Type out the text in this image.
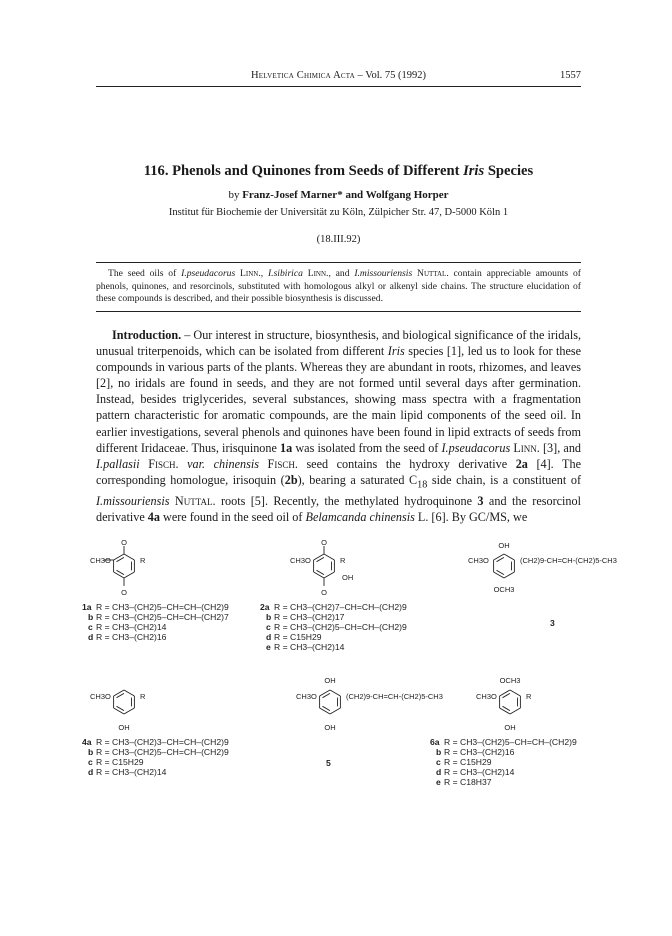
Helvetica Chimica Acta – Vol. 75 (1992)	1557
116. Phenols and Quinones from Seeds of Different Iris Species
by Franz-Josef Marner* and Wolfgang Horper
Institut für Biochemie der Universität zu Köln, Zülpicher Str. 47, D-5000 Köln 1
(18.III.92)

The seed oils of I.pseudacorus Linn., I.sibirica Linn., and I.missouriensis Nuttal. contain appreciable amounts of phenols, quinones, and resorcinols, substituted with homologous alkyl or alkenyl side chains. The structure elucidation of these compounds is described, and their possible biosynthesis is discussed.

Introduction. – Our interest in structure, biosynthesis, and biological significance of the iridals, unusual triterpenoids, which can be isolated from different Iris species [1], led us to look for these compounds in various parts of the plants. Whereas they are abundant in roots, rhizomes, and leaves [2], no iridals are found in seeds, and they are not formed until several days after germination. Instead, besides triglycerides, several substances, showing mass spectra with a fragmentation pattern characteristic for aromatic compounds, are the main lipid components of the seed oil. In earlier investigations, several phenols and quinones have been found in lipid extracts of seeds from different Iridaceae. Thus, irisquinone 1a was isolated from the seed of I.pseudacorus Linn. [3], and I.pallasii Fisch. var. chinensis Fisch. seed contains the hydroxy derivative 2a [4]. The corresponding homologue, irisoquin (2b), bearing a saturated $C_{18}$ side chain, is a constituent of I.missouriensis Nuttal. roots [5]. Recently, the methylated hydroquinone 3 and the resorcinol derivative 4a were found in the seed oil of Belamcanda chinensis L. [6]. By GC/MS, we

O
O
CH3O	R
1a R = CH3–(CH2)5–CH=CH–(CH2)9
b R = CH3–(CH2)5–CH=CH–(CH2)7
c R = CH3–(CH2)14
d R = CH3–(CH2)16
O
O
CH3O	R
OH
2a R = CH3–(CH2)7–CH=CH–(CH2)9
b R = CH3–(CH2)17
c R = CH3–(CH2)5–CH=CH–(CH2)9
d R = C15H29
e R = CH3–(CH2)14
OH
OCH3
CH3O	(CH2)9-CH=CH-(CH2)5-CH3
3
OH
CH3O	R
4a R = CH3–(CH2)3–CH=CH–(CH2)9
b R = CH3–(CH2)5–CH=CH–(CH2)9
c R = C15H29
d R = CH3–(CH2)14
OH
OH
CH3O	(CH2)9-CH=CH-(CH2)5-CH3
5
OCH3
OH
CH3O	R
6a R = CH3–(CH2)5–CH=CH–(CH2)9
b R = CH3–(CH2)16
c R = C15H29
d R = CH3–(CH2)14
e R = C18H37
